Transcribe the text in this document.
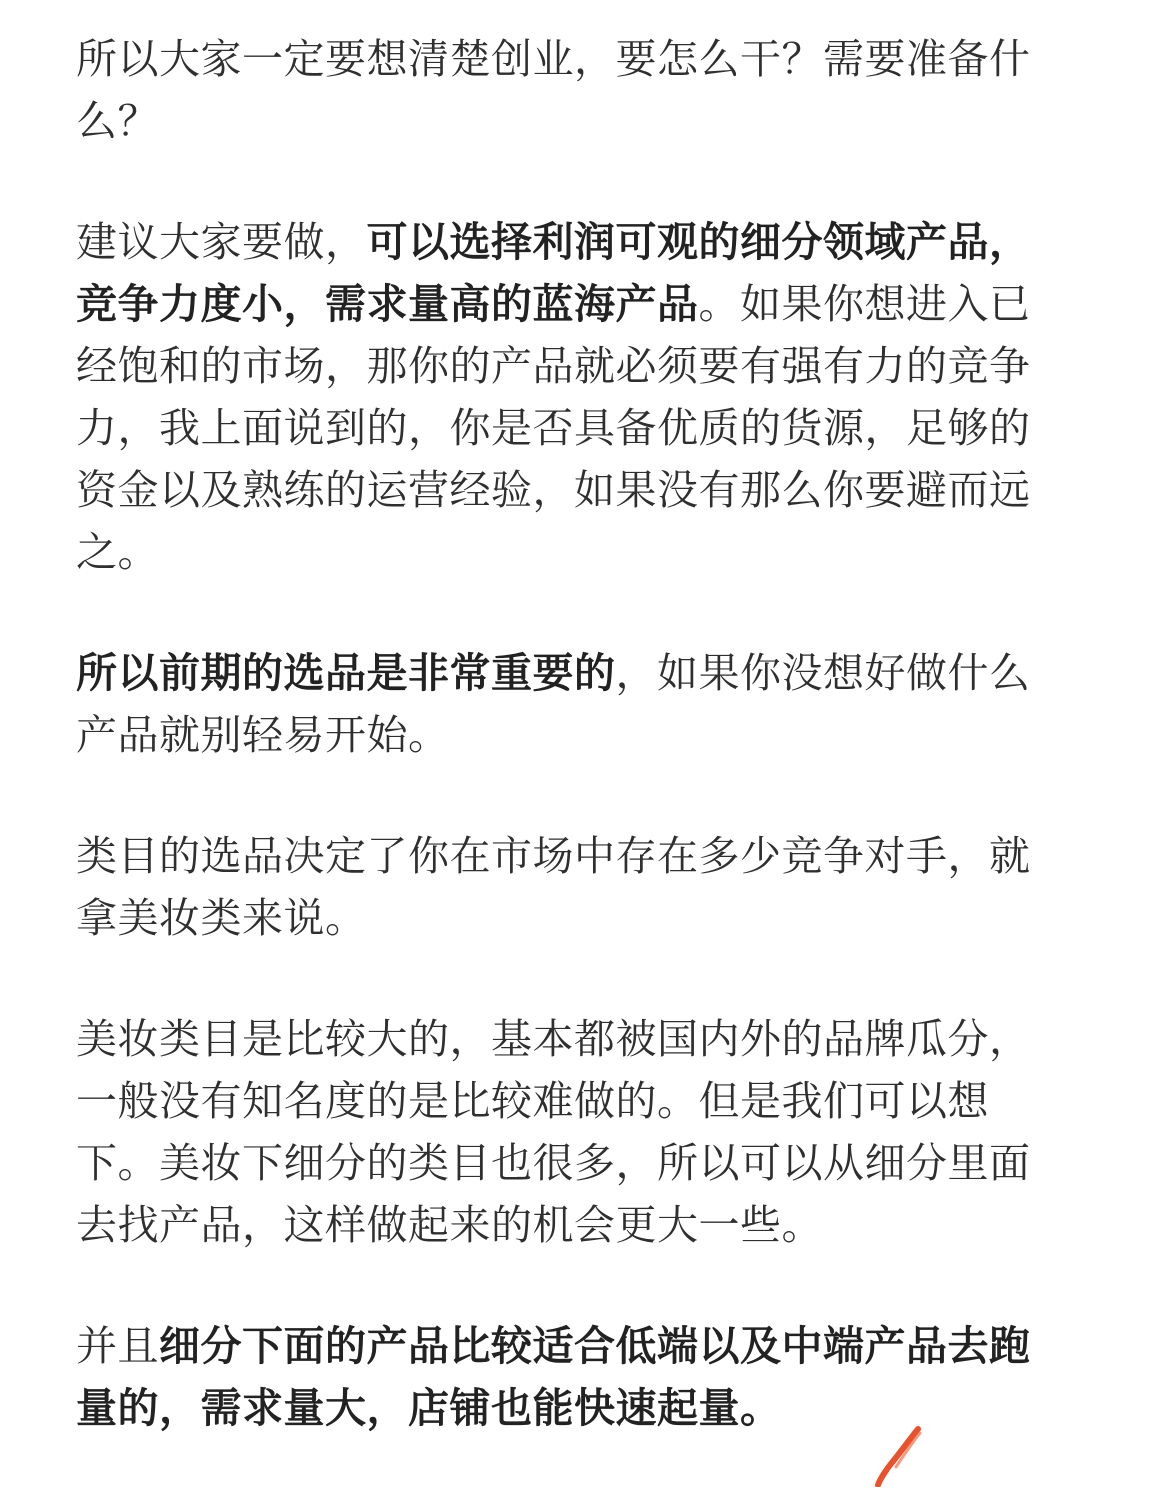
所以大家一定要想清楚创业，要怎么干？需要准备什么？

建议大家要做，可以选择利润可观的细分领域产品，竞争力度小，需求量高的蓝海产品。如果你想进入已经饱和的市场，那你的产品就必须要有强有力的竞争力，我上面说到的，你是否具备优质的货源，足够的资金以及熟练的运营经验，如果没有那么你要避而远之。

所以前期的选品是非常重要的，如果你没想好做什么产品就别轻易开始。

类目的选品决定了你在市场中存在多少竞争对手，就拿美妆类来说。

美妆类目是比较大的，基本都被国内外的品牌瓜分，一般没有知名度的是比较难做的。但是我们可以想下。美妆下细分的类目也很多，所以可以从细分里面去找产品，这样做起来的机会更大一些。

并且细分下面的产品比较适合低端以及中端产品去跑量的，需求量大，店铺也能快速起量。
